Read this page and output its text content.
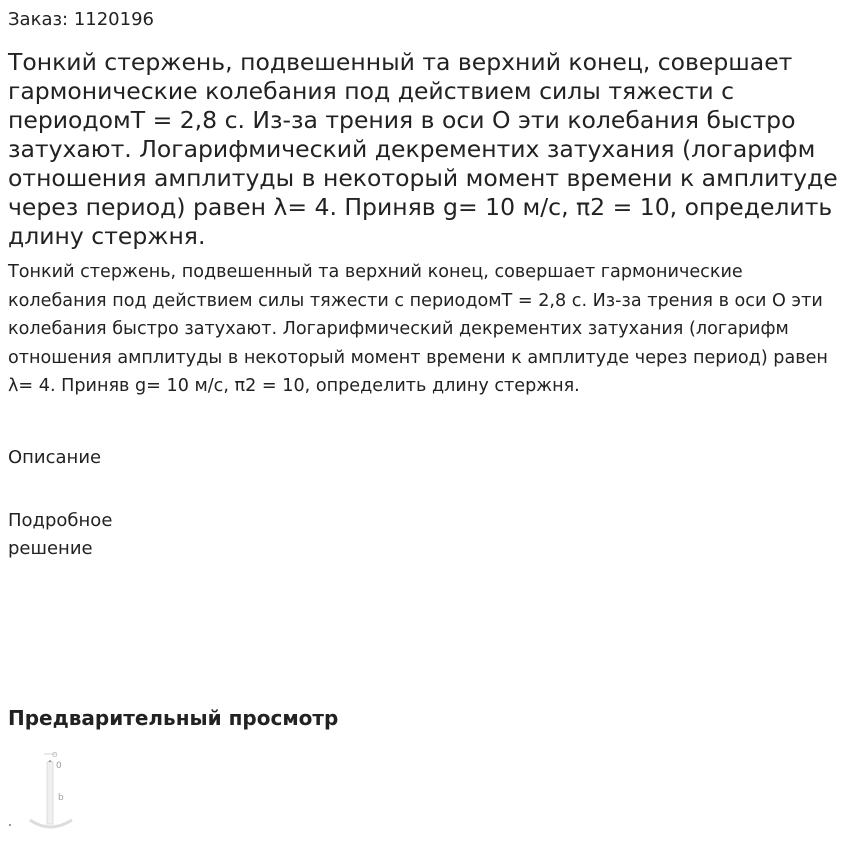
Заказ: 1120196
Тонкий стержень, подвешенный та верхний конец, совершает гармонические колебания под действием силы тяжести с периодомT = 2,8 с. Из-за трения в оси О эти колебания быстро затухают. Логарифмический декрементих затухания (логарифм отношения амплитуды в некоторый момент времени к амплитуде через период) равен λ= 4. Приняв g= 10 м/с, π2 = 10, определить длину стержня.
Тонкий стержень, подвешенный та верхний конец, совершает гармонические колебания под действием силы тяжести с периодомT = 2,8 с. Из-за трения в оси О эти колебания быстро затухают. Логарифмический декрементих затухания (логарифм отношения амплитуды в некоторый момент времени к амплитуде через период) равен λ= 4. Приняв g= 10 м/с, π2 = 10, определить длину стержня.
Описание
Подробное решение
Предварительный просмотр
O
0
b
